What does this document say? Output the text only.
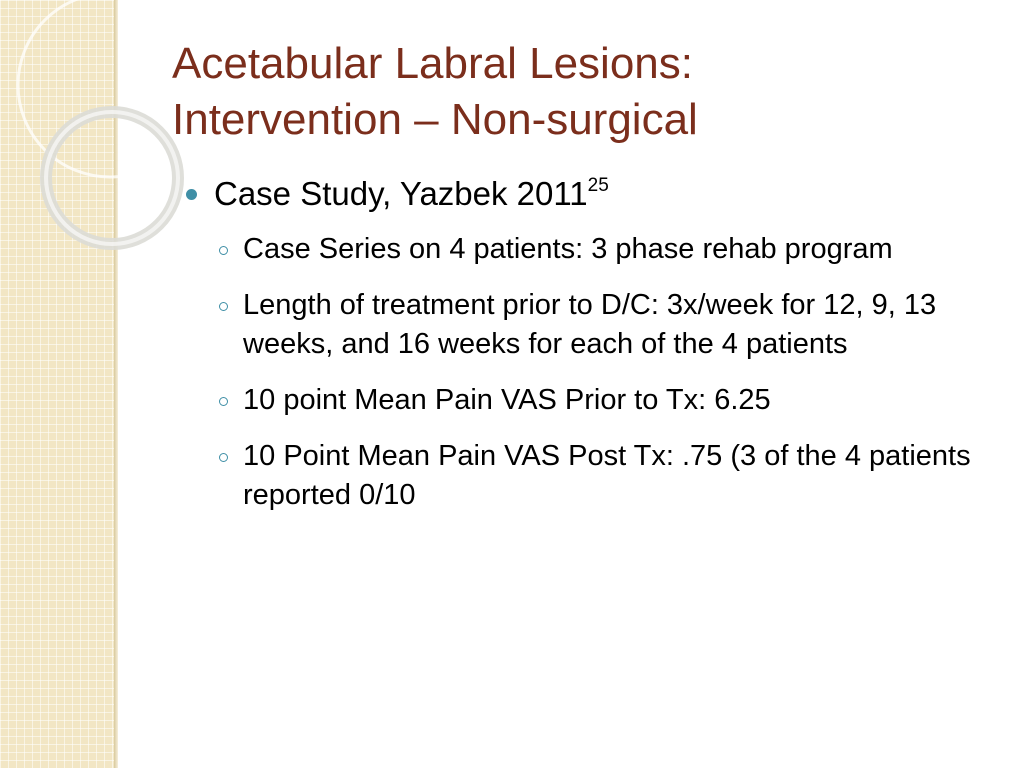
Acetabular Labral Lesions:
Intervention – Non-surgical
Case Study, Yazbek 2011$^{25}$
Case Series on 4 patients: 3 phase rehab program
Length of treatment prior to D/C: 3x/week for 12, 9, 13 weeks, and 16 weeks for each of the 4 patients
10 point Mean Pain VAS Prior to Tx: 6.25
10 Point Mean Pain VAS Post Tx: .75 (3 of the 4 patients reported 0/10
